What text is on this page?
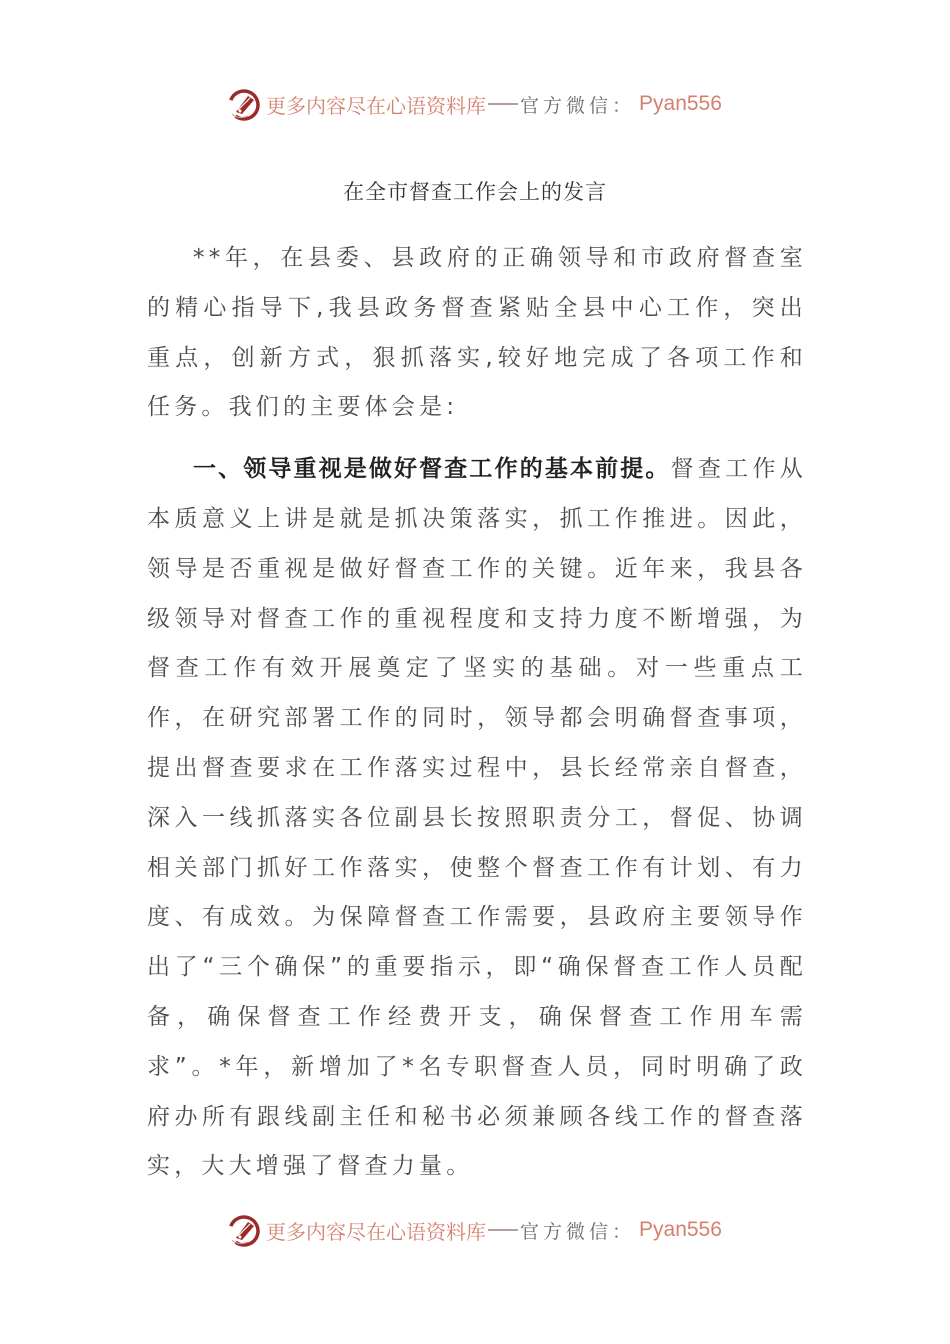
更多内容尽在心语资料库 官方微信： Pyan556
在全市督查工作会上的发言

**年，在县委、县政府的正确领导和市政府督查室的精心指导下,我县政务督查紧贴全县中心工作，突出重点，创新方式，狠抓落实,较好地完成了各项工作和任务。我们的主要体会是:

一、领导重视是做好督查工作的基本前提。督查工作从本质意义上讲是就是抓决策落实，抓工作推进。因此，领导是否重视是做好督查工作的关键。近年来，我县各级领导对督查工作的重视程度和支持力度不断增强，为督查工作有效开展奠定了坚实的基础。对一些重点工作，在研究部署工作的同时，领导都会明确督查事项，提出督查要求在工作落实过程中，县长经常亲自督查，深入一线抓落实各位副县长按照职责分工，督促、协调相关部门抓好工作落实，使整个督查工作有计划、有力度、有成效。为保障督查工作需要，县政府主要领导作出了“三个确保”的重要指示，即“确保督查工作人员配备，确保督查工作经费开支，确保督查工作用车需求”。*年，新增加了*名专职督查人员，同时明确了政府办所有跟线副主任和秘书必须兼顾各线工作的督查落实，大大增强了督查力量。

更多内容尽在心语资料库 官方微信： Pyan556
